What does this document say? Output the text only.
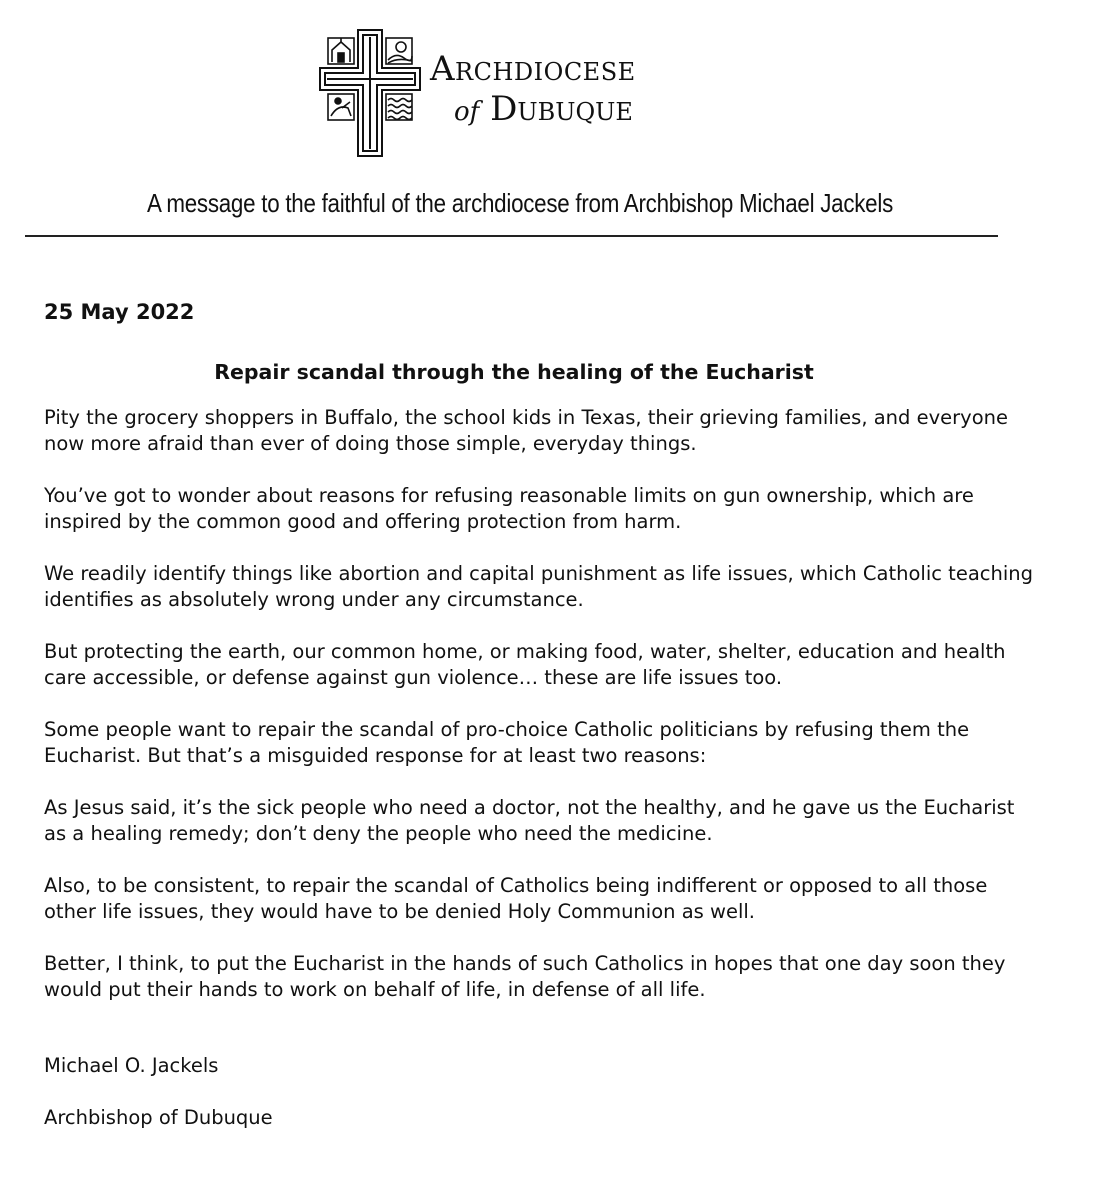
Archdiocese
of Dubuque
A message to the faithful of the archdiocese from Archbishop Michael Jackels
25 May 2022
Repair scandal through the healing of the Eucharist

Pity the grocery shoppers in Buffalo, the school kids in Texas, their grieving families, and everyone now more afraid than ever of doing those simple, everyday things.

You’ve got to wonder about reasons for refusing reasonable limits on gun ownership, which are inspired by the common good and offering protection from harm.

We readily identify things like abortion and capital punishment as life issues, which Catholic teaching identifies as absolutely wrong under any circumstance.

But protecting the earth, our common home, or making food, water, shelter, education and health care accessible, or defense against gun violence… these are life issues too.

Some people want to repair the scandal of pro-choice Catholic politicians by refusing them the Eucharist. But that’s a misguided response for at least two reasons:

As Jesus said, it’s the sick people who need a doctor, not the healthy, and he gave us the Eucharist as a healing remedy; don’t deny the people who need the medicine.

Also, to be consistent, to repair the scandal of Catholics being indifferent or opposed to all those other life issues, they would have to be denied Holy Communion as well.

Better, I think, to put the Eucharist in the hands of such Catholics in hopes that one day soon they would put their hands to work on behalf of life, in defense of all life.

Michael O. Jackels
Archbishop of Dubuque
